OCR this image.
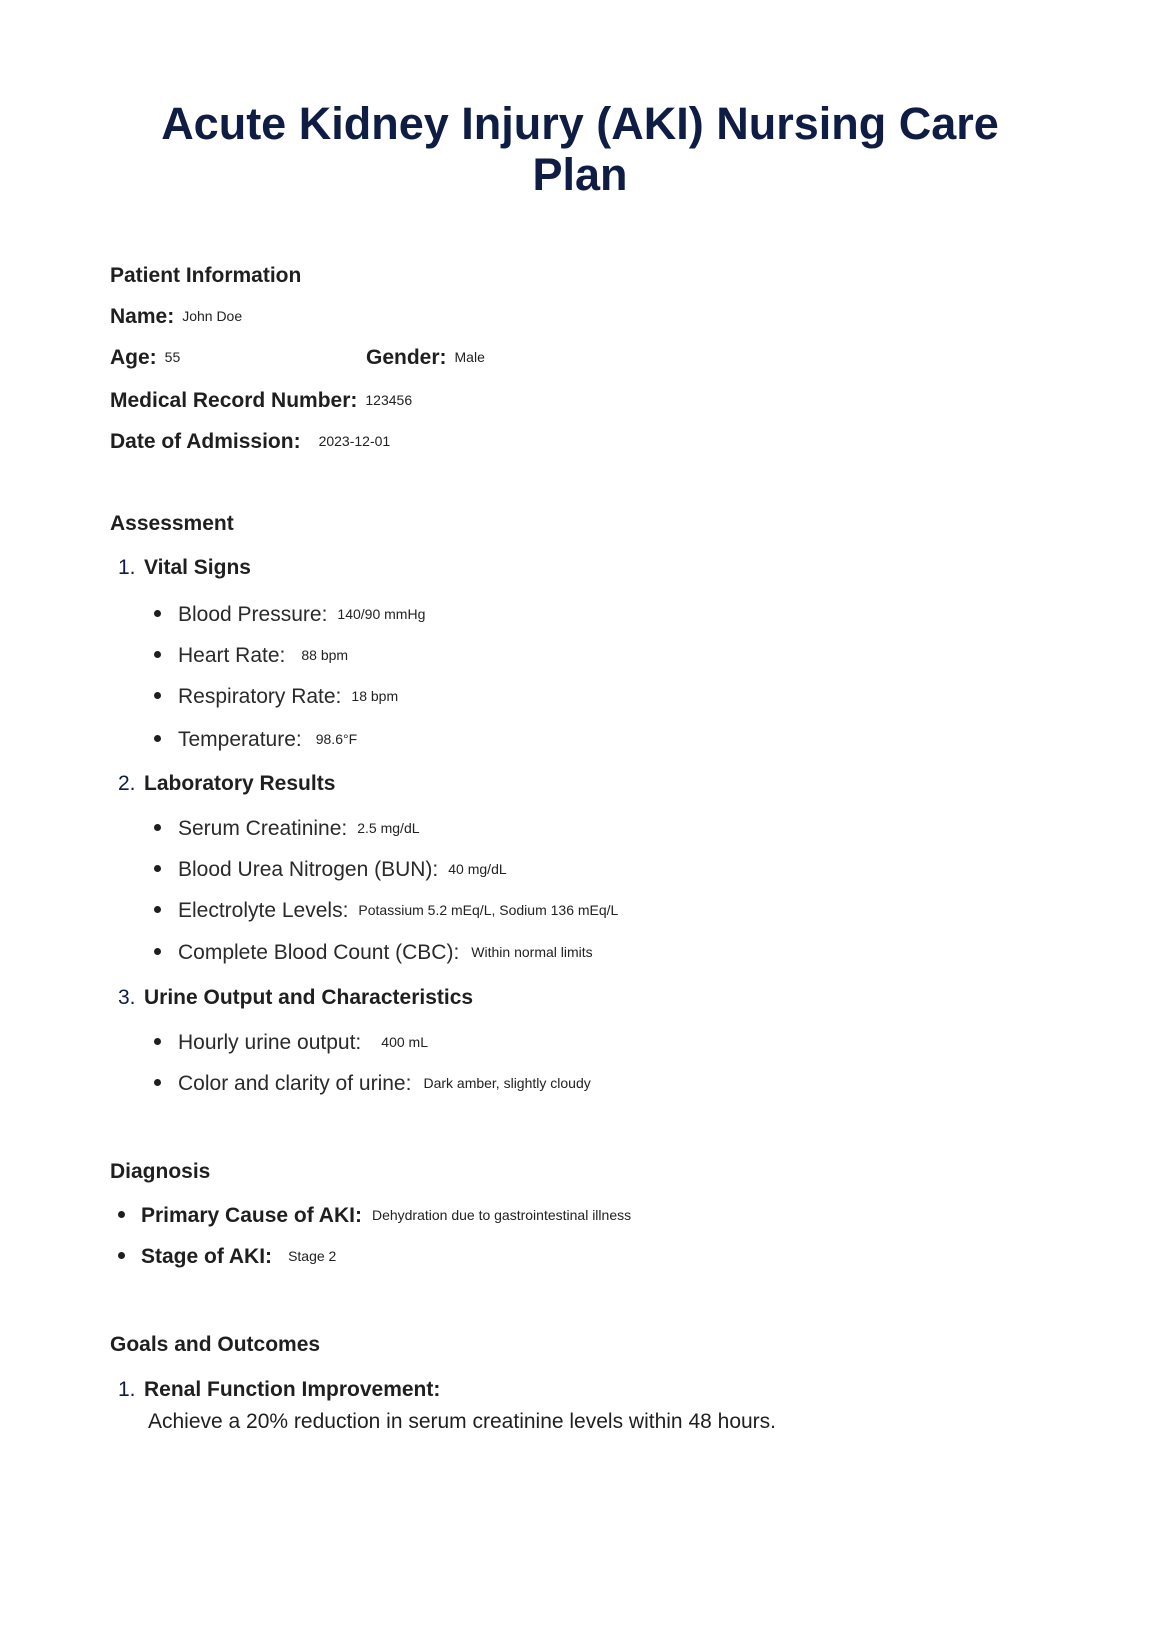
Acute Kidney Injury (AKI) Nursing Care Plan
Patient Information
Name: John Doe
Age: 55	Gender: Male
Medical Record Number: 123456
Date of Admission: 2023-12-01
Assessment
1. Vital Signs
Blood Pressure: 140/90 mmHg
Heart Rate: 88 bpm
Respiratory Rate: 18 bpm
Temperature: 98.6°F
2. Laboratory Results
Serum Creatinine: 2.5 mg/dL
Blood Urea Nitrogen (BUN): 40 mg/dL
Electrolyte Levels: Potassium 5.2 mEq/L, Sodium 136 mEq/L
Complete Blood Count (CBC): Within normal limits
3. Urine Output and Characteristics
Hourly urine output: 400 mL
Color and clarity of urine: Dark amber, slightly cloudy
Diagnosis
Primary Cause of AKI: Dehydration due to gastrointestinal illness
Stage of AKI: Stage 2
Goals and Outcomes
1. Renal Function Improvement:
Achieve a 20% reduction in serum creatinine levels within 48 hours.
